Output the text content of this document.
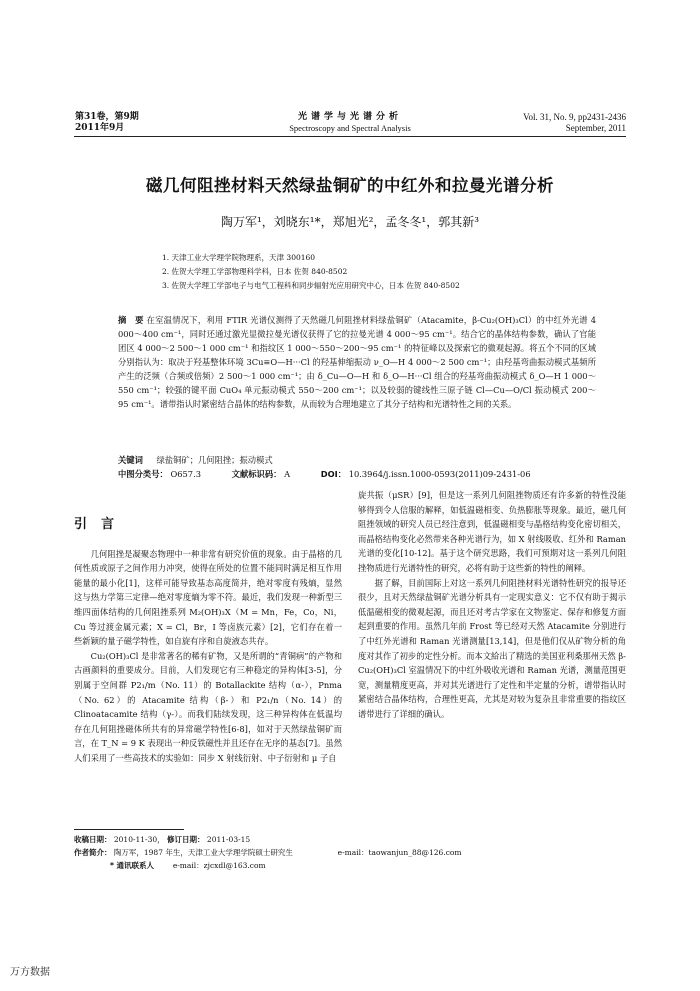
第31卷，第9期
2011年9月
光谱学与光谱分析
Spectroscopy and Spectral Analysis
Vol. 31, No. 9, pp2431-2436
September, 2011
磁几何阻挫材料天然绿盐铜矿的中红外和拉曼光谱分析
陶万军¹，刘晓东¹*，郑旭光²，孟冬冬¹，郭其新³
1. 天津工业大学理学院物理系，天津 300160
2. 佐贺大学理工学部物理科学科，日本 佐贺 840-8502
3. 佐贺大学理工学部电子与电气工程科和同步辐射光应用研究中心，日本 佐贺 840-8502
摘　要 在室温情况下，利用 FTIR 光谱仪测得了天然磁几何阻挫材料绿盐铜矿（Atacamite，β-Cu₂(OH)₃Cl）的中红外光谱 4 000～400 cm⁻¹，同时还通过激光显微拉曼光谱仪获得了它的拉曼光谱 4 000～95 cm⁻¹。结合它的晶体结构参数，确认了官能团区 4 000～2 500～1 000 cm⁻¹ 和指纹区 1 000～550～200～95 cm⁻¹ 的特征峰以及探索它的微观起源。将五个不同的区域分别指认为：取决于羟基整体环境 3Cu≡O—H···Cl 的羟基伸缩振动 ν_O—H 4 000～2 500 cm⁻¹；由羟基弯曲振动模式基频所产生的泛频（合频或倍频）2 500～1 000 cm⁻¹；由 δ_Cu—O—H 和 δ_O—H···Cl 组合的羟基弯曲振动模式 δ_O—H 1 000～550 cm⁻¹；较强的键平面 CuO₄ 单元振动模式 550～200 cm⁻¹；以及较弱的键线性三原子链 Cl—Cu—O/Cl 振动模式 200～95 cm⁻¹。谱带指认时紧密结合晶体的结构参数，从而较为合理地建立了其分子结构和光谱特性之间的关系。
关键词 　 绿盐铜矿；几何阻挫；振动模式
中图分类号： O657.3	文献标识码： A	DOI： 10.3964/j.issn.1000-0593(2011)09-2431-06
引言

几何阻挫是凝聚态物理中一种非常有研究价值的现象。由于晶格的几何性质或原子之间作用力冲突，使得在所处的位置不能同时满足相互作用能量的最小化[1]，这样可能导致基态高度简并，绝对零度有残熵，显然这与热力学第三定律—绝对零度熵为零不符。最近，我们发现一种新型三维四面体结构的几何阻挫系列 M₂(OH)₃X（M = Mn，Fe，Co，Ni，Cu 等过渡金属元素；X = Cl，Br，I 等卤族元素）[2]，它们存在着一些新颖的量子磁学特性，如自旋有序和自旋液态共存。

Cu₂(OH)₃Cl 是非常著名的稀有矿物，又是所谓的“青铜病”的产物和古画颜料的重要成分。目前，人们发现它有三种稳定的异构体[3-5]，分别属于空间群 P2₁/m（No. 11）的 Botallackite 结构（α-），Pnma（No. 62）的 Atacamite 结构（β-）和 P2₁/n（No. 14）的 Clinoatacamite 结构（γ-）。而我们陆续发现，这三种异构体在低温均存在几何阻挫磁体所共有的异常磁学特性[6-8]，如对于天然绿盐铜矿而言，在 T_N = 9 K 表现出一种反铁磁性并且还存在无序的基态[7]。虽然人们采用了一些高技术的实验如：同步 X 射线衍射、中子衍射和 μ 子自

旋共振（μSR）[9]，但是这一系列几何阻挫物质还有许多新的特性没能够得到令人信服的解释，如低温磁相变、负热膨胀等现象。最近，磁几何阻挫领域的研究人员已经注意到，低温磁相变与晶格结构变化密切相关，而晶格结构变化必然带来各种光谱行为，如 X 射线吸收、红外和 Raman 光谱的变化[10-12]。基于这个研究思路，我们可预期对这一系列几何阻挫物质进行光谱特性的研究，必将有助于这些新的特性的阐释。

据了解，目前国际上对这一系列几何阻挫材料光谱特性研究的报导还很少，且对天然绿盐铜矿光谱分析具有一定现实意义：它不仅有助于揭示低温磁相变的微观起源，而且还对考古学家在文物鉴定、保存和修复方面起到重要的作用。虽然几年前 Frost 等已经对天然 Atacamite 分别进行了中红外光谱和 Raman 光谱测量[13,14]，但是他们仅从矿物分析的角度对其作了初步的定性分析。而本文給出了精选的美国亚利桑那州天然 β-Cu₂(OH)₃Cl 室温情况下的中红外吸收光谱和 Raman 光谱，测量范围更宽，测量精度更高，并对其光谱进行了定性和半定量的分析，谱带指认时紧密结合晶体结构，合理性更高，尤其是对较为复杂且非常重要的指纹区谱带进行了详细的确认。

收稿日期： 2010-11-30， 修订日期： 2011-03-15
作者简介： 陶万军，1987 年生，天津工业大学理学院硕士研究生	e-mail：taowanjun_88@126.com
* 通讯联系人	e-mail：zjcxdl@163.com
万方数据
